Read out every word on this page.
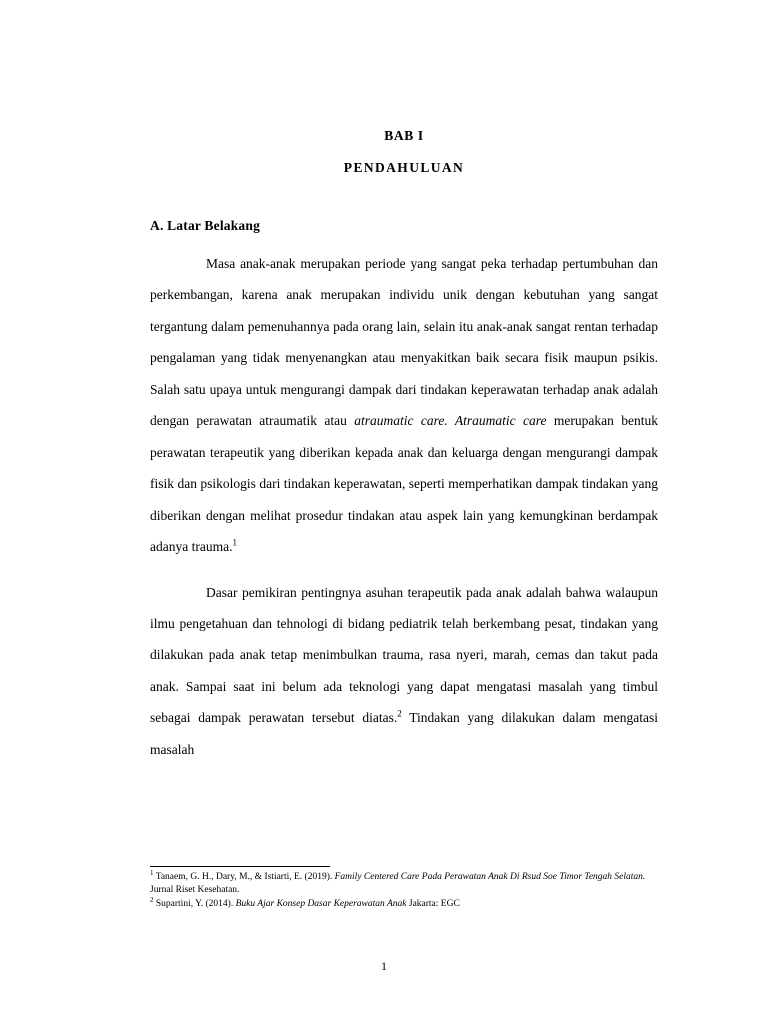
BAB I
PENDAHULUAN
A. Latar Belakang

Masa anak-anak merupakan periode yang sangat peka terhadap pertumbuhan dan perkembangan, karena anak merupakan individu unik dengan kebutuhan yang sangat tergantung dalam pemenuhannya pada orang lain, selain itu anak-anak sangat rentan terhadap pengalaman yang tidak menyenangkan atau menyakitkan baik secara fisik maupun psikis. Salah satu upaya untuk mengurangi dampak dari tindakan keperawatan terhadap anak adalah dengan perawatan atraumatik atau atraumatic care. Atraumatic care merupakan bentuk perawatan terapeutik yang diberikan kepada anak dan keluarga dengan mengurangi dampak fisik dan psikologis dari tindakan keperawatan, seperti memperhatikan dampak tindakan yang diberikan dengan melihat prosedur tindakan atau aspek lain yang kemungkinan berdampak adanya trauma.$^1$

Dasar pemikiran pentingnya asuhan terapeutik pada anak adalah bahwa walaupun ilmu pengetahuan dan tehnologi di bidang pediatrik telah berkembang pesat, tindakan yang dilakukan pada anak tetap menimbulkan trauma, rasa nyeri, marah, cemas dan takut pada anak. Sampai saat ini belum ada teknologi yang dapat mengatasi masalah yang timbul sebagai dampak perawatan tersebut diatas.$^2$ Tindakan yang dilakukan dalam mengatasi masalah

$^1$ Tanaem, G. H., Dary, M., & Istiarti, E. (2019). Family Centered Care Pada Perawatan Anak Di Rsud Soe Timor Tengah Selatan. Jurnal Riset Kesehatan.

$^2$ Supartini, Y. (2014). Buku Ajar Konsep Dasar Keperawatan Anak Jakarta: EGC

1
